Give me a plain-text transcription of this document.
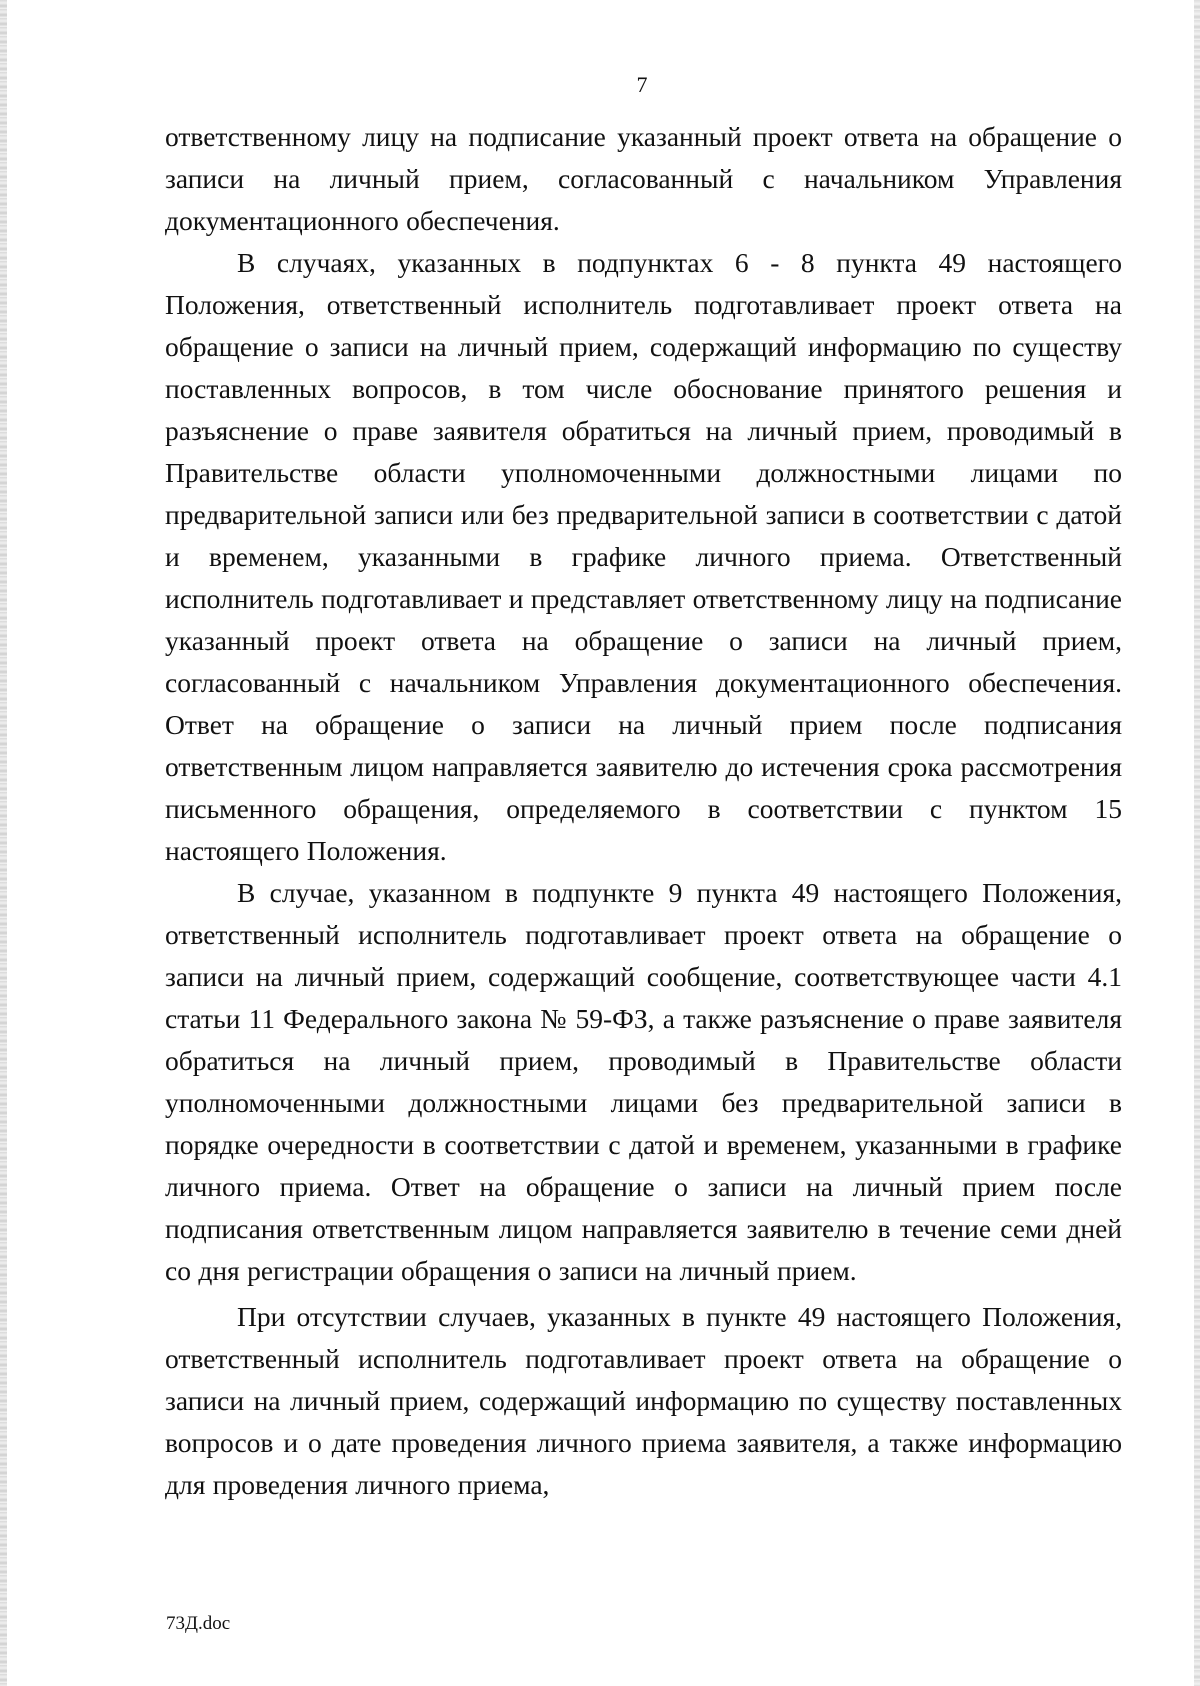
7

ответственному лицу на подписание указанный проект ответа на обращение о записи на личный прием, согласованный с начальником Управления документационного обеспечения.

В случаях, указанных в подпунктах 6 - 8 пункта 49 настоящего Положения, ответственный исполнитель подготавливает проект ответа на обращение о записи на личный прием, содержащий информацию по существу поставленных вопросов, в том числе обоснование принятого решения и разъяснение о праве заявителя обратиться на личный прием, проводимый в Правительстве области уполномоченными должностными лицами по предварительной записи или без предварительной записи в соответствии с датой и временем, указанными в графике личного приема. Ответственный исполнитель подготавливает и представляет ответственному лицу на подписание указанный проект ответа на обращение о записи на личный прием, согласованный с начальником Управления документационного обеспечения. Ответ на обращение о записи на личный прием после подписания ответственным лицом направляется заявителю до истечения срока рассмотрения письменного обращения, определяемого в соответствии с пунктом 15 настоящего Положения.

В случае, указанном в подпункте 9 пункта 49 настоящего Положения, ответственный исполнитель подготавливает проект ответа на обращение о записи на личный прием, содержащий сообщение, соответствующее части 4.1 статьи 11 Федерального закона № 59-ФЗ, а также разъяснение о праве заявителя обратиться на личный прием, проводимый в Правительстве области уполномоченными должностными лицами без предварительной записи в порядке очередности в соответствии с датой и временем, указанными в графике личного приема. Ответ на обращение о записи на личный прием после подписания ответственным лицом направляется заявителю в течение семи дней со дня регистрации обращения о записи на личный прием.

При отсутствии случаев, указанных в пункте 49 настоящего Положения, ответственный исполнитель подготавливает проект ответа на обращение о записи на личный прием, содержащий информацию по существу поставленных вопросов и о дате проведения личного приема заявителя, а также информацию для проведения личного приема,

73Д.doc
